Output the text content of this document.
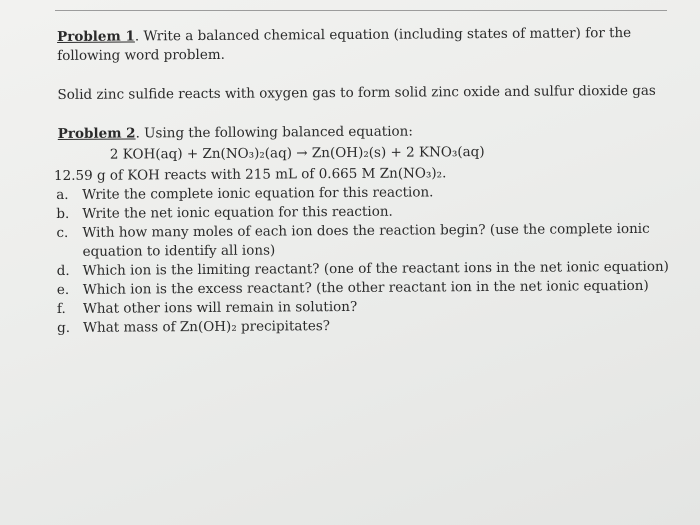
Problem 1. Write a balanced chemical equation (including states of matter) for the following word problem.

Solid zinc sulfide reacts with oxygen gas to form solid zinc oxide and sulfur dioxide gas
Problem 2. Using the following balanced equation:
2 KOH(aq) + Zn(NO₃)₂(aq) → Zn(OH)₂(s) + 2 KNO₃(aq)
12.59 g of KOH reacts with 215 mL of 0.665 M Zn(NO₃)₂.
a.	Write the complete ionic equation for this reaction.
b. Write the net ionic equation for this reaction.
c.	With how many moles of each ion does the reaction begin? (use the complete ionic equation to identify all ions)
d. Which ion is the limiting reactant? (one of the reactant ions in the net ionic equation)
e.	Which ion is the excess reactant? (the other reactant ion in the net ionic equation)
f.	What other ions will remain in solution?
g. What mass of Zn(OH)₂ precipitates?
